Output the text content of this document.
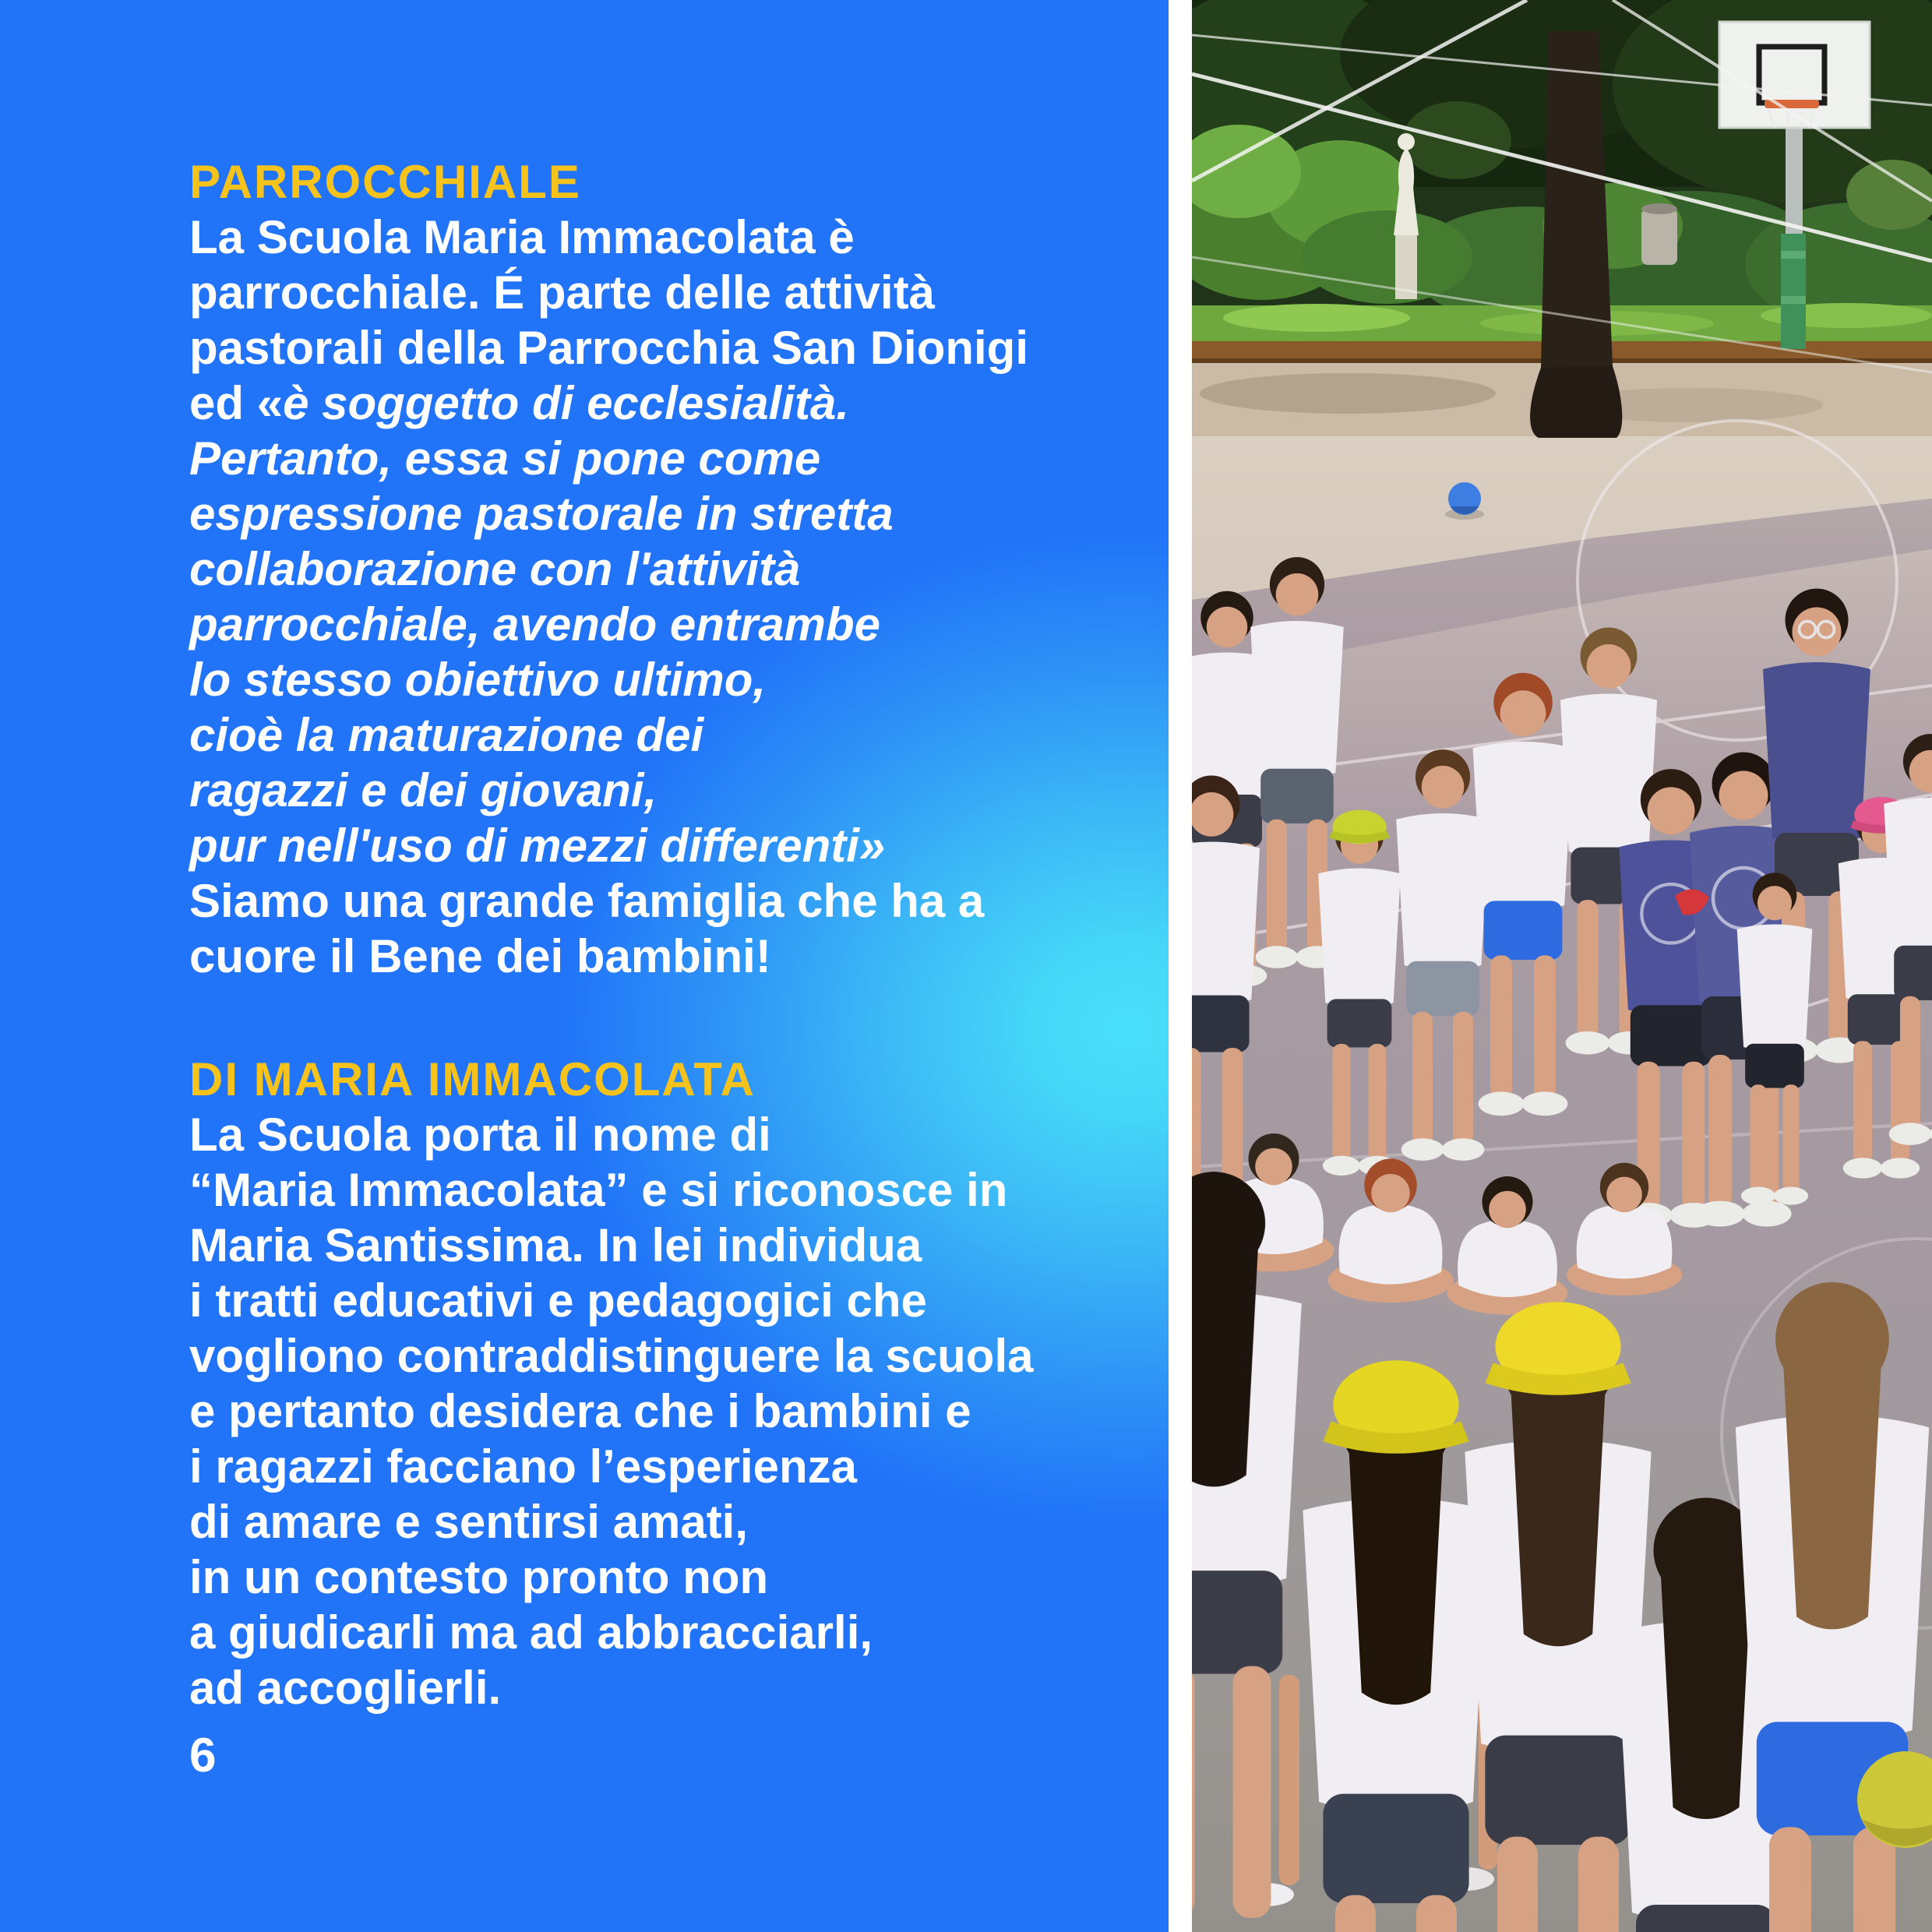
PARROCCHIALE
La Scuola Maria Immacolata è
parrocchiale. É parte delle attività
pastorali della Parrocchia San Dionigi
ed «è soggetto di ecclesialità.
Pertanto, essa si pone come
espressione pastorale in stretta
collaborazione con l'attività
parrocchiale, avendo entrambe
lo stesso obiettivo ultimo,
cioè la maturazione dei
ragazzi e dei giovani,
pur nell'uso di mezzi differenti»
Siamo una grande famiglia che ha a
cuore il Bene dei bambini!
DI MARIA IMMACOLATA
La Scuola porta il nome di
“Maria Immacolata” e si riconosce in
Maria Santissima. In lei individua
i tratti educativi e pedagogici che
vogliono contraddistinguere la scuola
e pertanto desidera che i bambini e
i ragazzi facciano l’esperienza
di amare e sentirsi amati,
in un contesto pronto non
a giudicarli ma ad abbracciarli,
ad accoglierli.
6
